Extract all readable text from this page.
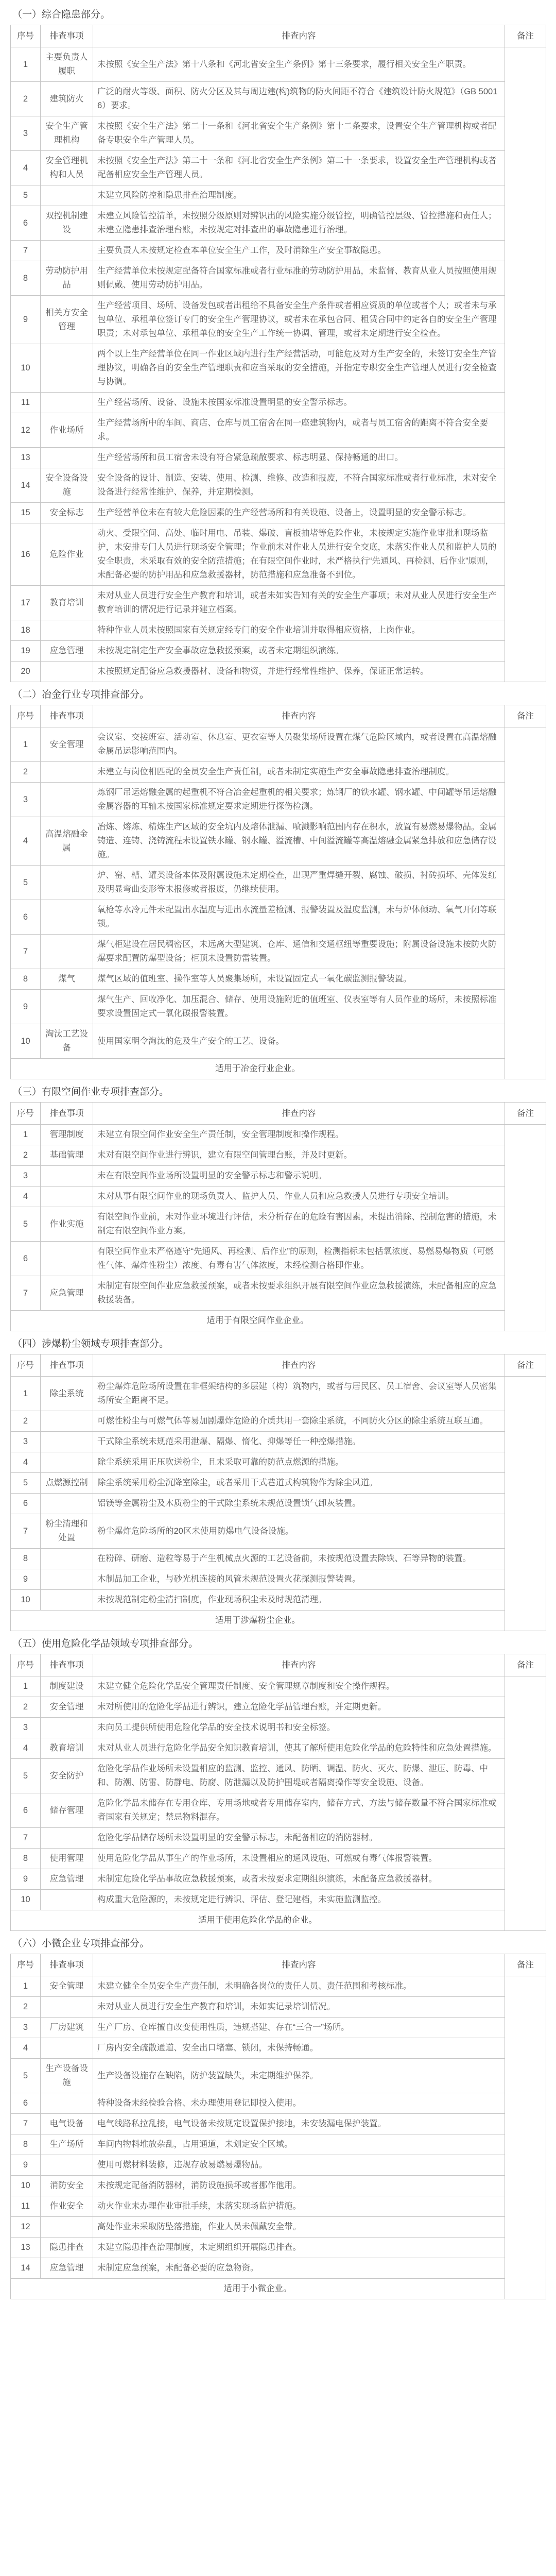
（一）综合隐患部分。
序号	排查事项	排查内容	备注
1	主要负责人履职	未按照《安全生产法》第十八条和《河北省安全生产条例》第十三条要求，履行相关安全生产职责。	
2	建筑防火	广泛的耐火等级、面积、防火分区及其与周边建(构)筑物的防火间距不符合《建筑设计防火规范》（GB 50016）要求。	
3	安全生产管理机构	未按照《安全生产法》第二十一条和《河北省安全生产条例》第十二条要求，设置安全生产管理机构或者配备专职安全生产管理人员。	
4	安全管理机构和人员	未按照《安全生产法》第二十一条和《河北省安全生产条例》第二十一条要求，设置安全生产管理机构或者配备相应安全生产管理人员。	
5		未建立风险防控和隐患排查治理制度。	
6	双控机制建设	未建立风险管控清单，未按照分级原则对辨识出的风险实施分级管控，明确管控层级、管控措施和责任人；未建立隐患排查治理台账，未按规定对排查出的事故隐患进行治理。	
7		主要负责人未按规定检查本单位安全生产工作，及时消除生产安全事故隐患。	
8	劳动防护用品	生产经营单位未按规定配备符合国家标准或者行业标准的劳动防护用品，未监督、教育从业人员按照使用规则佩戴、使用劳动防护用品。	
9	相关方安全管理	生产经营项目、场所、设备发包或者出租给不具备安全生产条件或者相应资质的单位或者个人；或者未与承包单位、承租单位签订专门的安全生产管理协议，或者未在承包合同、租赁合同中约定各自的安全生产管理职责；未对承包单位、承租单位的安全生产工作统一协调、管理，或者未定期进行安全检查。	
10		两个以上生产经营单位在同一作业区域内进行生产经营活动，可能危及对方生产安全的，未签订安全生产管理协议，明确各自的安全生产管理职责和应当采取的安全措施，并指定专职安全生产管理人员进行安全检查与协调。	
11		生产经营场所、设备、设施未按国家标准设置明显的安全警示标志。	
12	作业场所	生产经营场所中的车间、商店、仓库与员工宿舍在同一座建筑物内，或者与员工宿舍的距离不符合安全要求。	
13		生产经营场所和员工宿舍未设有符合紧急疏散要求、标志明显、保持畅通的出口。	
14	安全设备设施	安全设备的设计、制造、安装、使用、检测、维修、改造和报废，不符合国家标准或者行业标准，未对安全设备进行经常性维护、保养，并定期检测。	
15	安全标志	生产经营单位未在有较大危险因素的生产经营场所和有关设施、设备上，设置明显的安全警示标志。	
16	危险作业	动火、受限空间、高处、临时用电、吊装、爆破、盲板抽堵等危险作业，未按规定实施作业审批和现场监护，未安排专门人员进行现场安全管理；作业前未对作业人员进行安全交底，未落实作业人员和监护人员的安全职责，未采取有效的安全防范措施；在有限空间作业时，未严格执行“先通风、再检测、后作业”原则，未配备必要的防护用品和应急救援器材，防范措施和应急准备不到位。	
17	教育培训	未对从业人员进行安全生产教育和培训，或者未如实告知有关的安全生产事项；未对从业人员进行安全生产教育培训的情况进行记录并建立档案。	
18		特种作业人员未按照国家有关规定经专门的安全作业培训并取得相应资格，上岗作业。	
19	应急管理	未按规定制定生产安全事故应急救援预案，或者未定期组织演练。	
20		未按照规定配备应急救援器材、设备和物资，并进行经常性维护、保养，保证正常运转。	
（二）冶金行业专项排查部分。
序号	排查事项	排查内容	备注
1	安全管理	会议室、交接班室、活动室、休息室、更衣室等人员聚集场所设置在煤气危险区域内，或者设置在高温熔融金属吊运影响范围内。	
2		未建立与岗位相匹配的全员安全生产责任制，或者未制定实施生产安全事故隐患排查治理制度。	
3		炼钢厂吊运熔融金属的起重机不符合冶金起重机的相关要求；炼钢厂的铁水罐、钢水罐、中间罐等吊运熔融金属容器的耳轴未按国家标准规定要求定期进行探伤检测。	
4	高温熔融金属	冶炼、熔炼、精炼生产区域的安全坑内及熔体泄漏、喷溅影响范围内存在积水，放置有易燃易爆物品。金属铸造、连铸、浇铸流程未设置铁水罐、钢水罐、溢流槽、中间溢流罐等高温熔融金属紧急排放和应急储存设施。	
5		炉、窑、槽、罐类设备本体及附属设施未定期检查，出现严重焊缝开裂、腐蚀、破损、衬砖损坏、壳体发红及明显弯曲变形等未报修或者报废，仍继续使用。	
6		氧枪等水冷元件未配置出水温度与进出水流量差检测、报警装置及温度监测，未与炉体倾动、氧气开闭等联锁。	
7		煤气柜建设在居民稠密区，未远离大型建筑、仓库、通信和交通枢纽等重要设施；附属设备设施未按防火防爆要求配置防爆型设备；柜顶未设置防雷装置。	
8	煤气	煤气区域的值班室、操作室等人员聚集场所，未设置固定式一氧化碳监测报警装置。	
9		煤气生产、回收净化、加压混合、储存、使用设施附近的值班室、仪表室等有人员作业的场所，未按照标准要求设置固定式一氧化碳报警装置。	
10	淘汰工艺设备	使用国家明令淘汰的危及生产安全的工艺、设备。	
适用于冶金行业企业。			
（三）有限空间作业专项排查部分。
序号	排查事项	排查内容	备注
1	管理制度	未建立有限空间作业安全生产责任制，安全管理制度和操作规程。	
2	基础管理	未对有限空间作业进行辨识，建立有限空间管理台账，并及时更新。	
3		未在有限空间作业场所设置明显的安全警示标志和警示说明。	
4		未对从事有限空间作业的现场负责人、监护人员、作业人员和应急救援人员进行专项安全培训。	
5	作业实施	有限空间作业前，未对作业环境进行评估，未分析存在的危险有害因素，未提出消除、控制危害的措施，未制定有限空间作业方案。	
6		有限空间作业未严格遵守“先通风、再检测、后作业”的原则，检测指标未包括氧浓度、易燃易爆物质（可燃性气体、爆炸性粉尘）浓度、有毒有害气体浓度，未经检测合格即作业。	
7	应急管理	未制定有限空间作业应急救援预案，或者未按要求组织开展有限空间作业应急救援演练，未配备相应的应急救援装备。	
适用于有限空间作业企业。			
（四）涉爆粉尘领域专项排查部分。
序号	排查事项	排查内容	备注
1	除尘系统	粉尘爆炸危险场所设置在非框架结构的多层建（构）筑物内，或者与居民区、员工宿舍、会议室等人员密集场所安全距离不足。	
2		可燃性粉尘与可燃气体等易加剧爆炸危险的介质共用一套除尘系统，不同防火分区的除尘系统互联互通。	
3		干式除尘系统未规范采用泄爆、隔爆、惰化、抑爆等任一种控爆措施。	
4		除尘系统采用正压吹送粉尘，且未采取可靠的防范点燃源的措施。	
5	点燃源控制	除尘系统采用粉尘沉降室除尘，或者采用干式巷道式构筑物作为除尘风道。	
6		铝镁等金属粉尘及木质粉尘的干式除尘系统未规范设置锁气卸灰装置。	
7	粉尘清理和处置	粉尘爆炸危险场所的20区未使用防爆电气设备设施。	
8		在粉碎、研磨、造粒等易于产生机械点火源的工艺设备前，未按规范设置去除铁、石等异物的装置。	
9		木制品加工企业，与砂光机连接的风管未规范设置火花探测报警装置。	
10		未按规范制定粉尘清扫制度，作业现场积尘未及时规范清理。	
适用于涉爆粉尘企业。			
（五）使用危险化学品领域专项排查部分。
序号	排查事项	排查内容	备注
1	制度建设	未建立健全危险化学品安全管理责任制度、安全管理规章制度和安全操作规程。	
2	安全管理	未对所使用的危险化学品进行辨识，建立危险化学品管理台账，并定期更新。	
3		未向员工提供所使用危险化学品的安全技术说明书和安全标签。	
4	教育培训	未对从业人员进行危险化学品安全知识教育培训，使其了解所使用危险化学品的危险特性和应急处置措施。	
5	安全防护	危险化学品作业场所未设置相应的监测、监控、通风、防晒、调温、防火、灭火、防爆、泄压、防毒、中和、防潮、防雷、防静电、防腐、防泄漏以及防护围堤或者隔离操作等安全设施、设备。	
6	储存管理	危险化学品未储存在专用仓库、专用场地或者专用储存室内，储存方式、方法与储存数量不符合国家标准或者国家有关规定；禁忌物料混存。	
7		危险化学品储存场所未设置明显的安全警示标志，未配备相应的消防器材。	
8	使用管理	使用危险化学品从事生产的作业场所，未设置相应的通风设施、可燃或有毒气体报警装置。	
9	应急管理	未制定危险化学品事故应急救援预案，或者未按要求定期组织演练，未配备应急救援器材。	
10		构成重大危险源的，未按规定进行辨识、评估、登记建档，未实施监测监控。	
适用于使用危险化学品的企业。			
（六）小微企业专项排查部分。
序号	排查事项	排查内容	备注
1	安全管理	未建立健全全员安全生产责任制，未明确各岗位的责任人员、责任范围和考核标准。	
2		未对从业人员进行安全生产教育和培训，未如实记录培训情况。	
3	厂房建筑	生产厂房、仓库擅自改变使用性质，违规搭建、存在“三合一”场所。	
4		厂房内安全疏散通道、安全出口堵塞、锁闭，未保持畅通。	
5	生产设备设施	生产设备设施存在缺陷，防护装置缺失，未定期维护保养。	
6		特种设备未经检验合格、未办理使用登记即投入使用。	
7	电气设备	电气线路私拉乱接，电气设备未按规定设置保护接地，未安装漏电保护装置。	
8	生产场所	车间内物料堆放杂乱，占用通道，未划定安全区域。	
9		使用可燃材料装修，违规存放易燃易爆物品。	
10	消防安全	未按规定配备消防器材，消防设施损坏或者挪作他用。	
11	作业安全	动火作业未办理作业审批手续，未落实现场监护措施。	
12		高处作业未采取防坠落措施，作业人员未佩戴安全带。	
13	隐患排查	未建立隐患排查治理制度，未定期组织开展隐患排查。	
14	应急管理	未制定应急预案，未配备必要的应急物资。	
适用于小微企业。			
